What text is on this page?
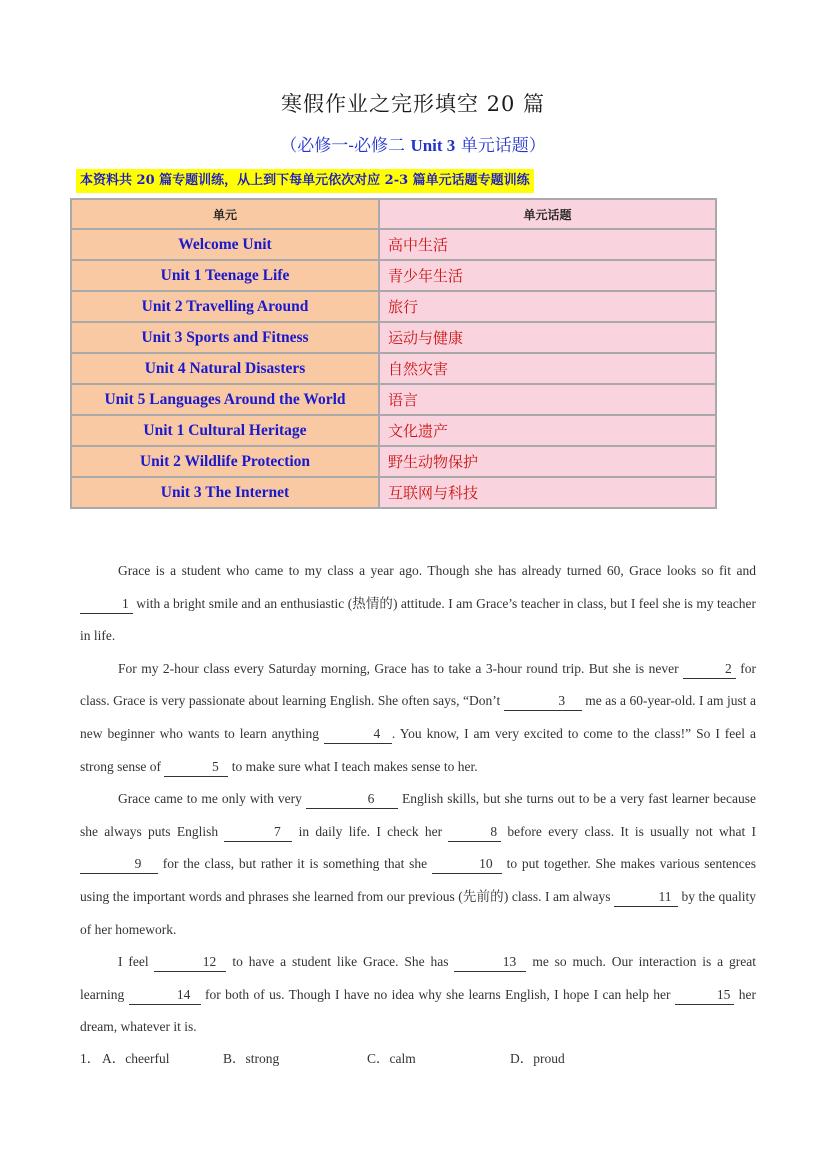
寒假作业之完形填空 20 篇
（必修一-必修二 Unit 3 单元话题）
本资料共 20 篇专题训练，从上到下每单元依次对应 2-3 篇单元话题专题训练
单元	单元话题
Welcome Unit	高中生活
Unit 1 Teenage Life	青少年生活
Unit 2 Travelling Around	旅行
Unit 3 Sports and Fitness	运动与健康
Unit 4 Natural Disasters	自然灾害
Unit 5 Languages Around the World	语言
Unit 1 Cultural Heritage	文化遗产
Unit 2 Wildlife Protection	野生动物保护
Unit 3 The Internet	互联网与科技

Grace is a student who came to my class a year ago. Though she has already turned 60, Grace looks so fit and 1 with a bright smile and an enthusiastic (热情的) attitude. I am Grace’s teacher in class, but I feel she is my teacher in life.

For my 2-hour class every Saturday morning, Grace has to take a 3-hour round trip. But she is never	2 for class. Grace is very passionate about learning English. She often says, “Don’t	3 me as a 60-year-old. I am just a new beginner who wants to learn anything	4 . You know, I am very excited to come to the class!” So I feel a strong sense of	5 to make sure what I teach makes sense to her.

Grace came to me only with very	6 English skills, but she turns out to be a very fast learner because she always puts English	7 in daily life. I check her	8 before every class. It is usually not what I 9 for the class, but rather it is something that she	10 to put together. She makes various sentences using the important words and phrases she learned from our previous (先前的) class. I am always	11 by the quality of her homework.

I feel	12 to have a student like Grace. She has	13 me so much. Our interaction is a great learning	14 for both of us. Though I have no idea why she learns English, I hope I can help her	15 her dream, whatever it is.

1． A．cheerful	B．strong	C．calm	D．proud
